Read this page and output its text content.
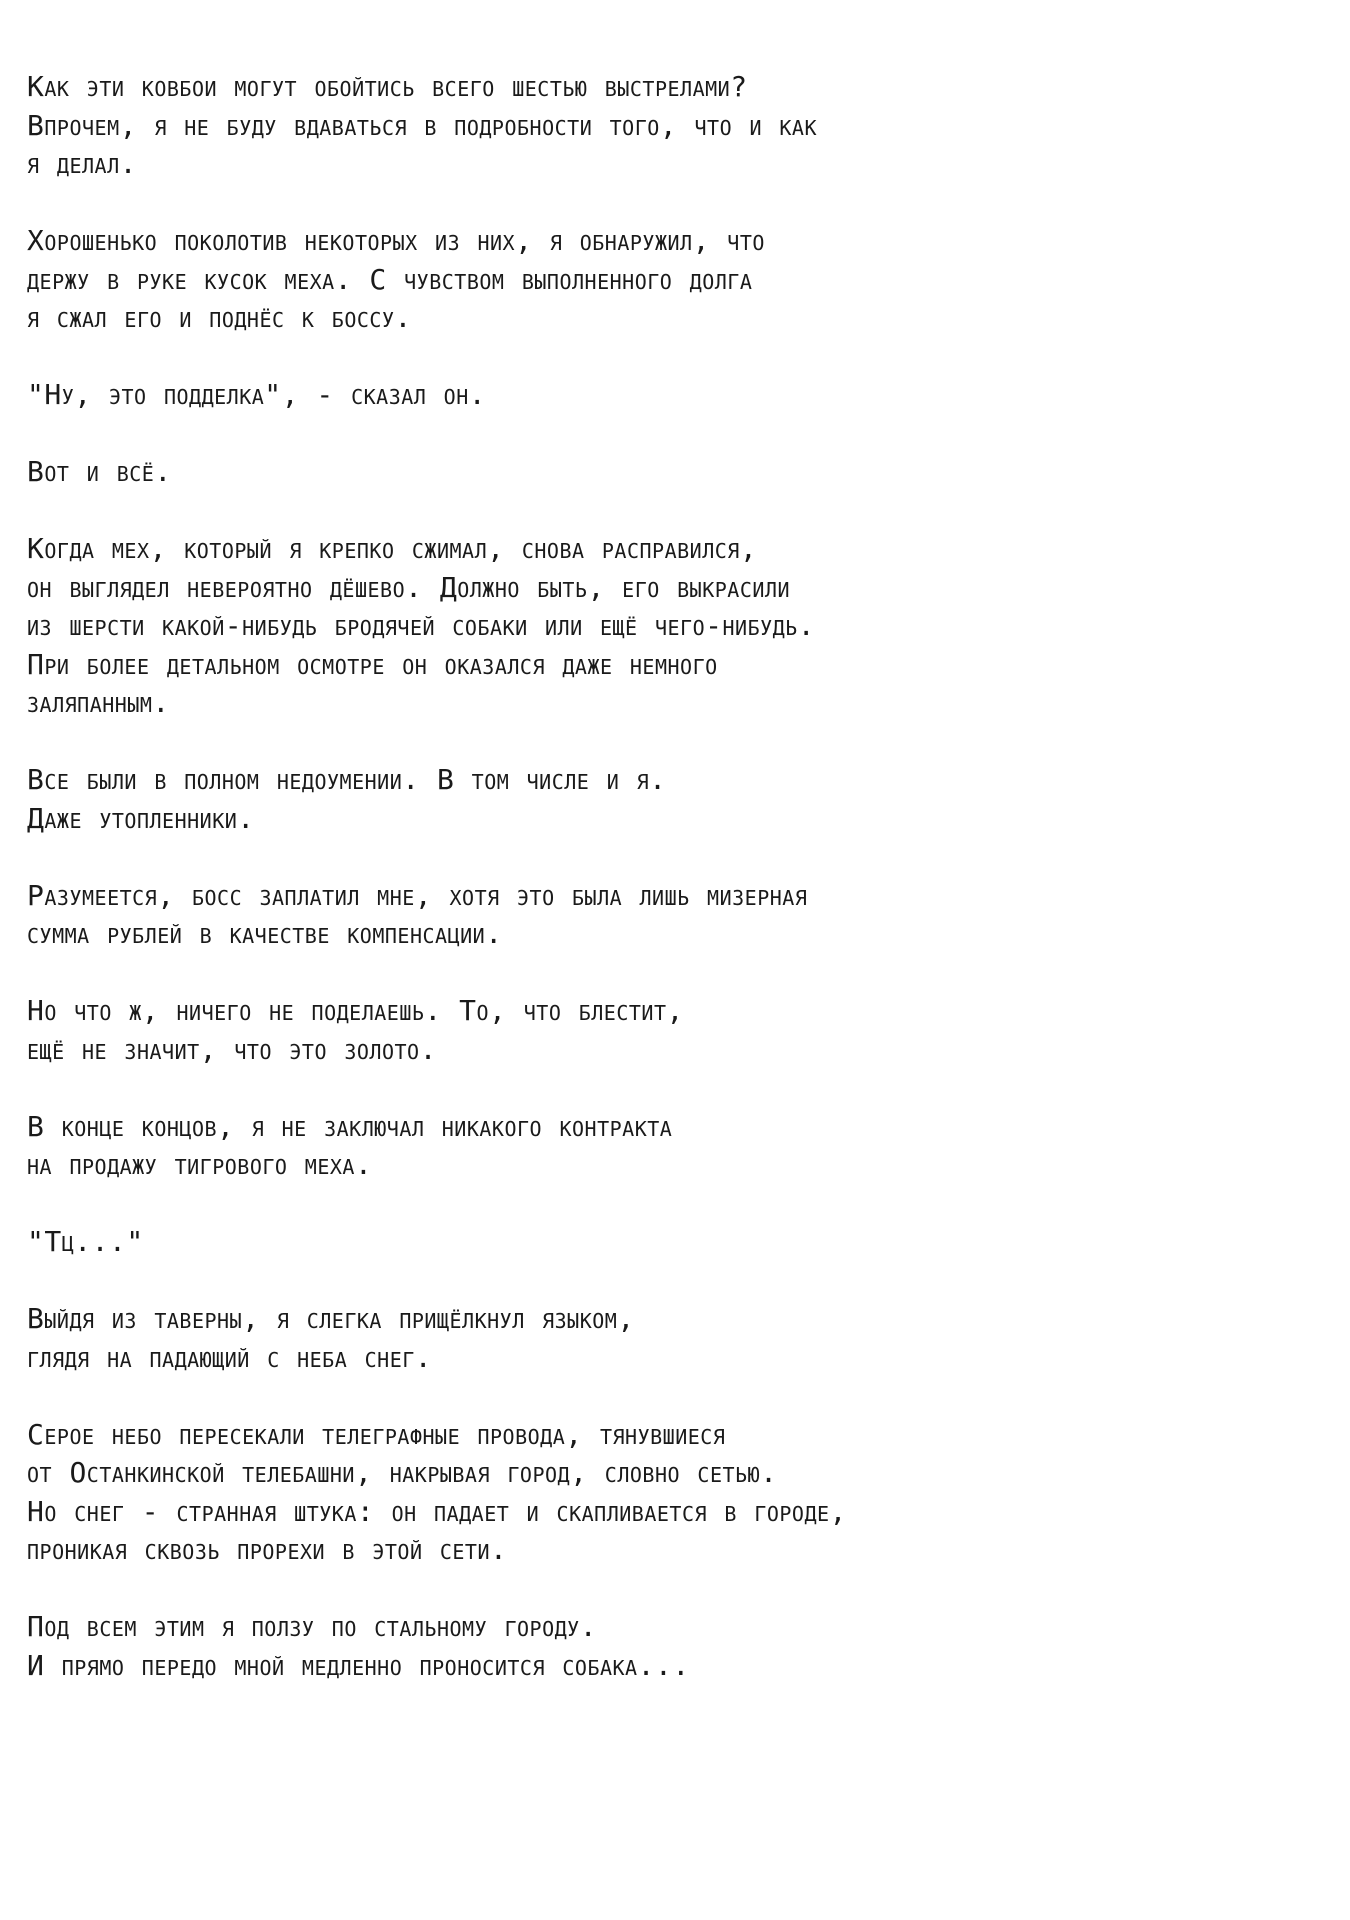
Как эти ковбои могут обойтись всего шестью выстрелами?
Впрочем, я не буду вдаваться в подробности того, что и как
я делал.
Хорошенько поколотив некоторых из них, я обнаружил, что
держу в руке кусок меха. С чувством выполненного долга
я сжал его и поднёс к боссу.
"Ну, это подделка", - сказал он.
Вот и всё.
Когда мех, который я крепко сжимал, снова расправился,
он выглядел невероятно дёшево. Должно быть, его выкрасили
из шерсти какой-нибудь бродячей собаки или ещё чего-нибудь.
При более детальном осмотре он оказался даже немного
заляпанным.
Все были в полном недоумении. В том числе и я.
Даже утопленники.
Разумеется, босс заплатил мне, хотя это была лишь мизерная
сумма рублей в качестве компенсации.
Но что ж, ничего не поделаешь. То, что блестит,
ещё не значит, что это золото.
В конце концов, я не заключал никакого контракта
на продажу тигрового меха.
"Тц..."
Выйдя из таверны, я слегка прищёлкнул языком,
глядя на падающий с неба снег.
Серое небо пересекали телеграфные провода, тянувшиеся
от Останкинской телебашни, накрывая город, словно сетью.
Но снег - странная штука: он падает и скапливается в городе,
проникая сквозь прорехи в этой сети.
Под всем этим я ползу по стальному городу.
И прямо передо мной медленно проносится собака...
